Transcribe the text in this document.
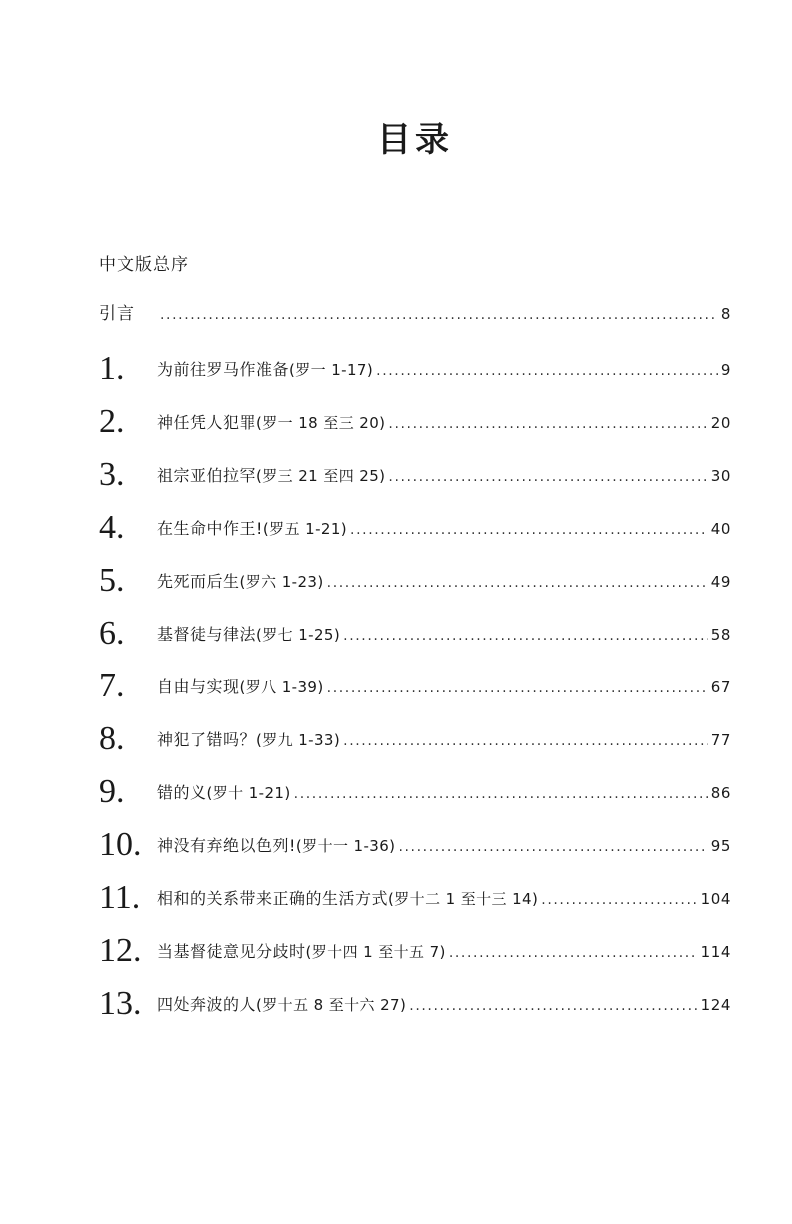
目录
中文版总序
引言 .....	8
1. 为前往罗马作准备(罗一 1-17) .....	9
2. 神任凭人犯罪(罗一 18 至三 20) .....	20
3. 祖宗亚伯拉罕(罗三 21 至四 25) .....	30
4. 在生命中作王!(罗五 1-21) .....	40
5. 先死而后生(罗六 1-23) .....	49
6. 基督徒与律法(罗七 1-25) .....	58
7. 自由与实现(罗八 1-39) .....	67
8. 神犯了错吗？(罗九 1-33) .....	77
9. 错的义(罗十 1-21) .....	86
10. 神没有弃绝以色列!(罗十一 1-36) .....	95
11. 相和的关系带来正确的生活方式(罗十二 1 至十三 14) .....	104
12. 当基督徒意见分歧时(罗十四 1 至十五 7) .....	114
13. 四处奔波的人(罗十五 8 至十六 27) .....	124
